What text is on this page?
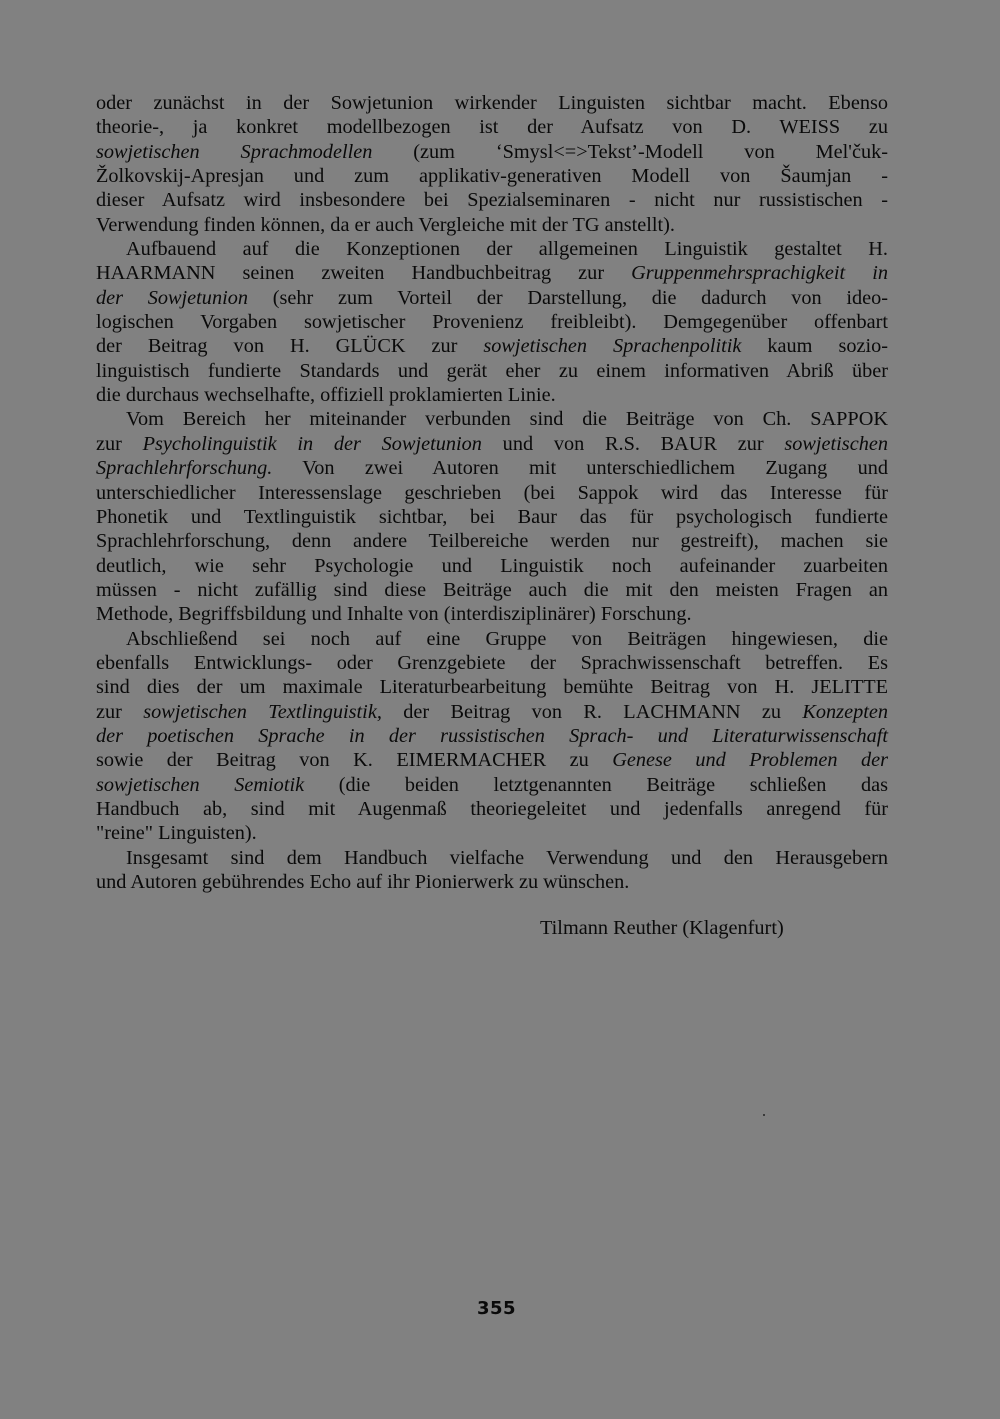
oder zunächst in der Sowjetunion wirkender Linguisten sichtbar macht. Ebenso
theorie-, ja konkret modellbezogen ist der Aufsatz von D. WEISS zu
sowjetischen Sprachmodellen (zum ‘Smysl<=>Tekst’-Modell von Mel'čuk-
Žolkovskij-Apresjan und zum applikativ-generativen Modell von Šaumjan -
dieser Aufsatz wird insbesondere bei Spezialseminaren - nicht nur russistischen -
Verwendung finden können, da er auch Vergleiche mit der TG anstellt).
Aufbauend auf die Konzeptionen der allgemeinen Linguistik gestaltet H.
HAARMANN seinen zweiten Handbuchbeitrag zur Gruppenmehrsprachigkeit in
der Sowjetunion (sehr zum Vorteil der Darstellung, die dadurch von ideo-
logischen Vorgaben sowjetischer Provenienz freibleibt). Demgegenüber offenbart
der Beitrag von H. GLÜCK zur sowjetischen Sprachenpolitik kaum sozio-
linguistisch fundierte Standards und gerät eher zu einem informativen Abriß über
die durchaus wechselhafte, offiziell proklamierten Linie.
Vom Bereich her miteinander verbunden sind die Beiträge von Ch. SAPPOK
zur Psycholinguistik in der Sowjetunion und von R.S. BAUR zur sowjetischen
Sprachlehrforschung. Von zwei Autoren mit unterschiedlichem Zugang und
unterschiedlicher Interessenslage geschrieben (bei Sappok wird das Interesse für
Phonetik und Textlinguistik sichtbar, bei Baur das für psychologisch fundierte
Sprachlehrforschung, denn andere Teilbereiche werden nur gestreift), machen sie
deutlich, wie sehr Psychologie und Linguistik noch aufeinander zuarbeiten
müssen - nicht zufällig sind diese Beiträge auch die mit den meisten Fragen an
Methode, Begriffsbildung und Inhalte von (interdisziplinärer) Forschung.
Abschließend sei noch auf eine Gruppe von Beiträgen hingewiesen, die
ebenfalls Entwicklungs- oder Grenzgebiete der Sprachwissenschaft betreffen. Es
sind dies der um maximale Literaturbearbeitung bemühte Beitrag von H. JELITTE
zur sowjetischen Textlinguistik, der Beitrag von R. LACHMANN zu Konzepten
der poetischen Sprache in der russistischen Sprach- und Literaturwissenschaft
sowie der Beitrag von K. EIMERMACHER zu Genese und Problemen der
sowjetischen Semiotik (die beiden letztgenannten Beiträge schließen das
Handbuch ab, sind mit Augenmaß theoriegeleitet und jedenfalls anregend für
"reine" Linguisten).
Insgesamt sind dem Handbuch vielfache Verwendung und den Herausgebern
und Autoren gebührendes Echo auf ihr Pionierwerk zu wünschen.
Tilmann Reuther (Klagenfurt)
355
